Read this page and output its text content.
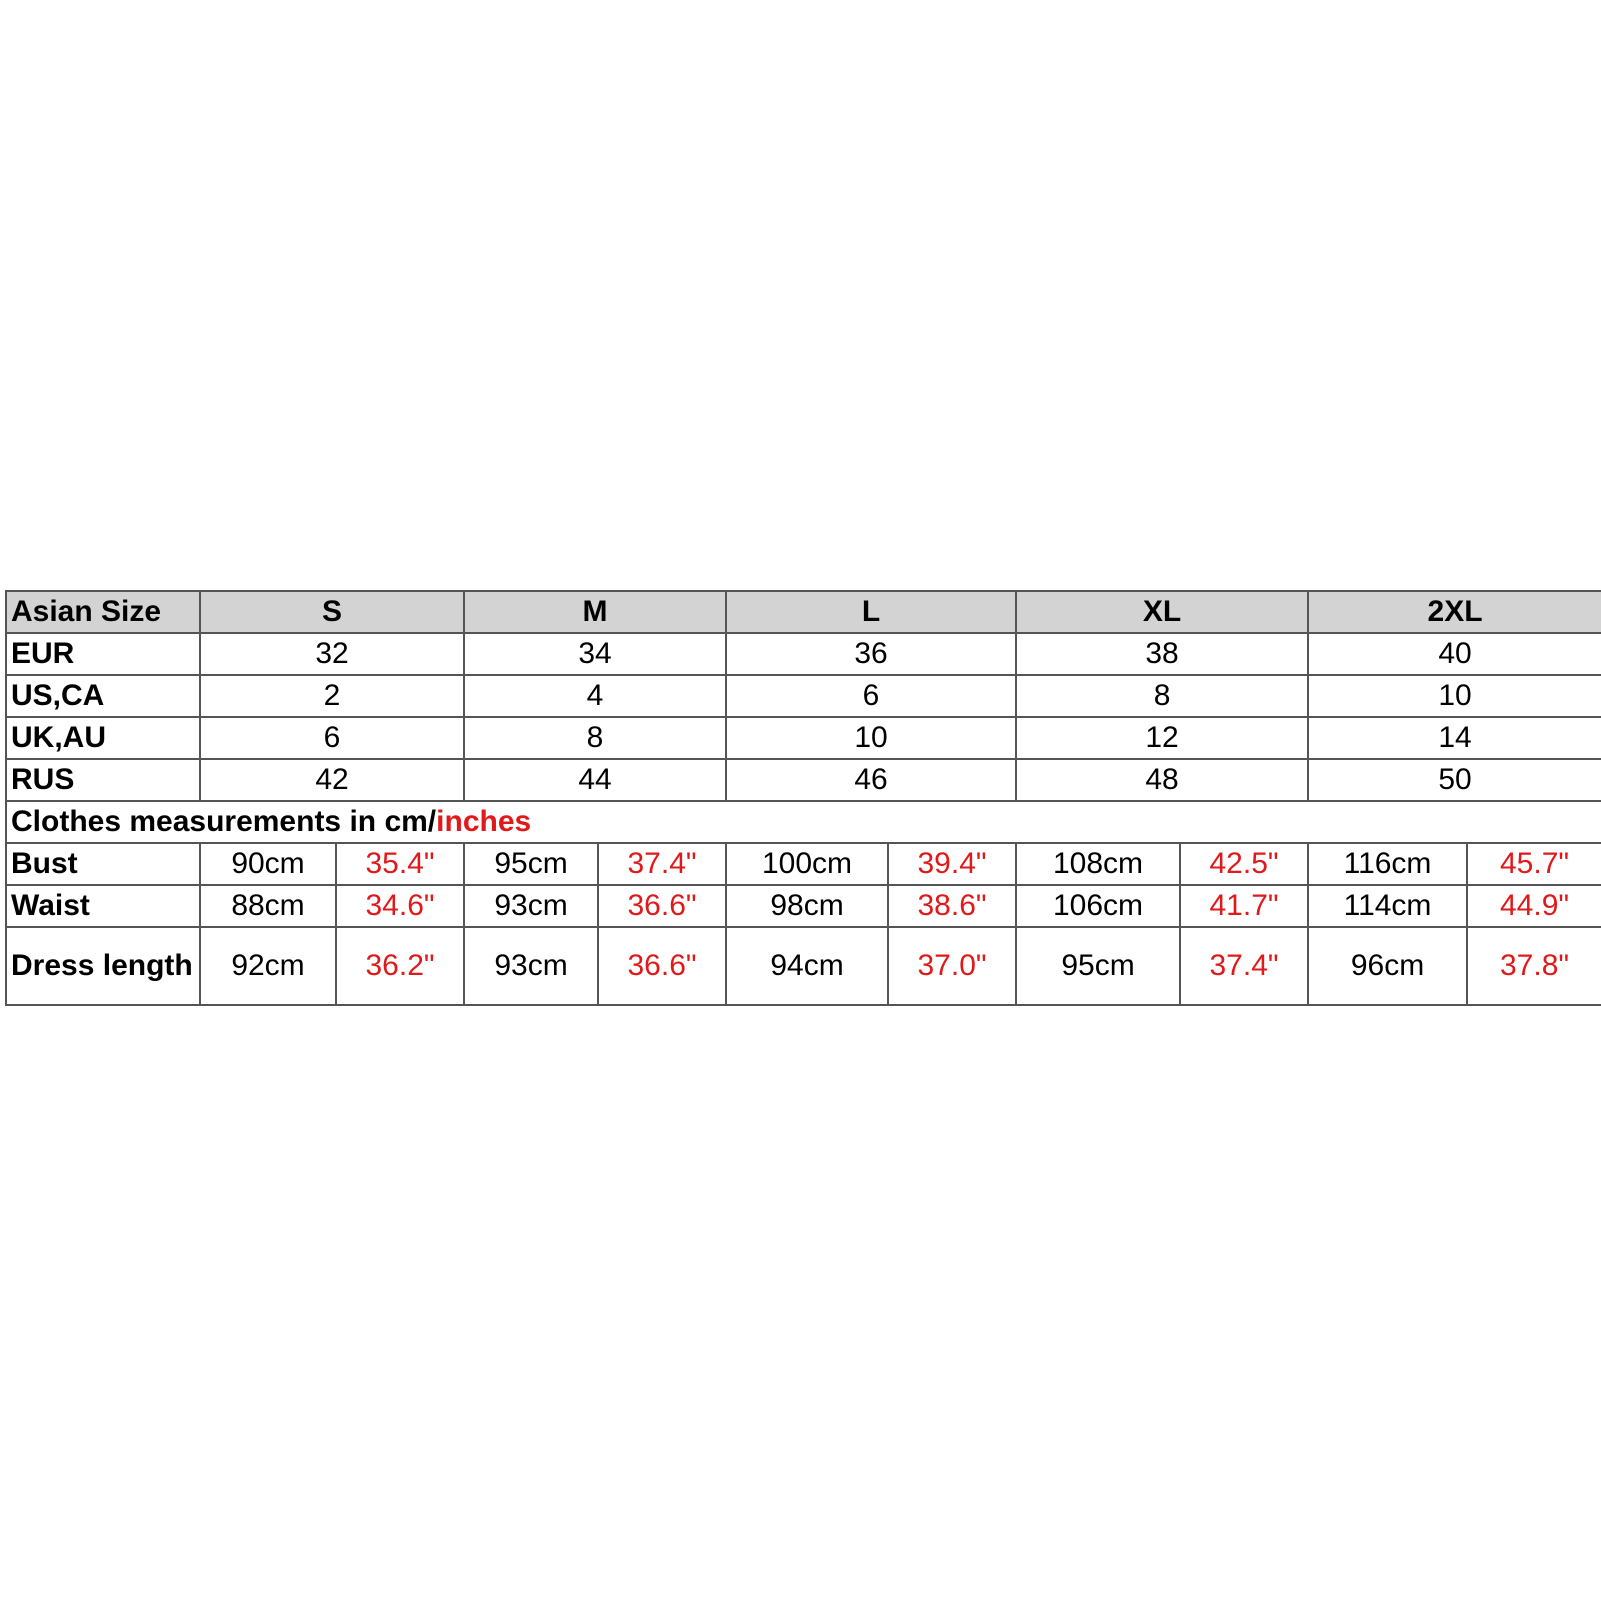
Asian Size	S		M		L		XL		2XL	
EUR	32		34		36		38		40	
US,CA	2		4		6		8		10	
UK,AU	6		8		10		12		14	
RUS	42		44		46		48		50	
Clothes measurements in cm/inches										
Bust	90cm	35.4"	95cm	37.4"	100cm	39.4"	108cm	42.5"	116cm	45.7"
Waist	88cm	34.6"	93cm	36.6"	98cm	38.6"	106cm	41.7"	114cm	44.9"
Dress length	92cm	36.2"	93cm	36.6"	94cm	37.0"	95cm	37.4"	96cm	37.8"
